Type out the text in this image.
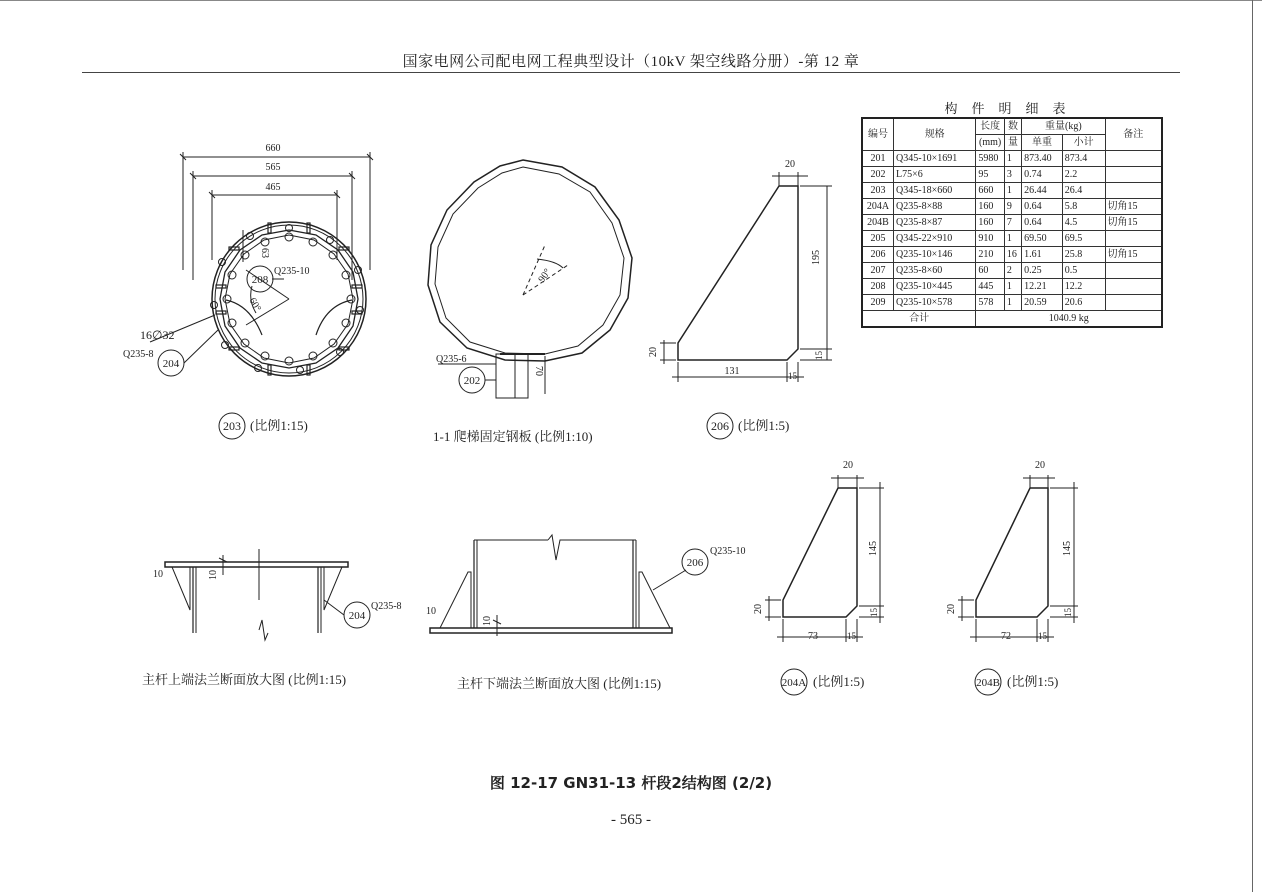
国家电网公司配电网工程典型设计（10kV 架空线路分册）-第 12 章
660
565
465
63
60°
16∅32
208
Q235-10
204
Q235-8
203 (比例1:15)
90°
70
Q235-6
202
1-1 爬梯固定钢板 (比例1:10)
20
195
20
131	15
15
206 (比例1:5)
10	10
204
Q235-8
主杆上端法兰断面放大图 (比例1:15)
10
10
206
Q235-10
主杆下端法兰断面放大图 (比例1:15)
20
145
20
73	15
15
204A (比例1:5)
20
145
20
72	15
15
204B (比例1:5)
构件明细表
编号	规格	长度	数	重量(kg)		备注
		(mm)	量	单重	小计	
201	Q345-10×1691	5980	1	873.40	873.4	
202	L75×6	95	3	0.74	2.2	
203	Q345-18×660	660	1	26.44	26.4	
204A	Q235-8×88	160	9	0.64	5.8	切角15
204B	Q235-8×87	160	7	0.64	4.5	切角15
205	Q345-22×910	910	1	69.50	69.5	
206	Q235-10×146	210	16	1.61	25.8	切角15
207	Q235-8×60	60	2	0.25	0.5	
208	Q235-10×445	445	1	12.21	12.2	
209	Q235-10×578	578	1	20.59	20.6	
合计		1040.9 kg				
图 12-17 GN31-13 杆段2结构图 (2/2)
- 565 -
